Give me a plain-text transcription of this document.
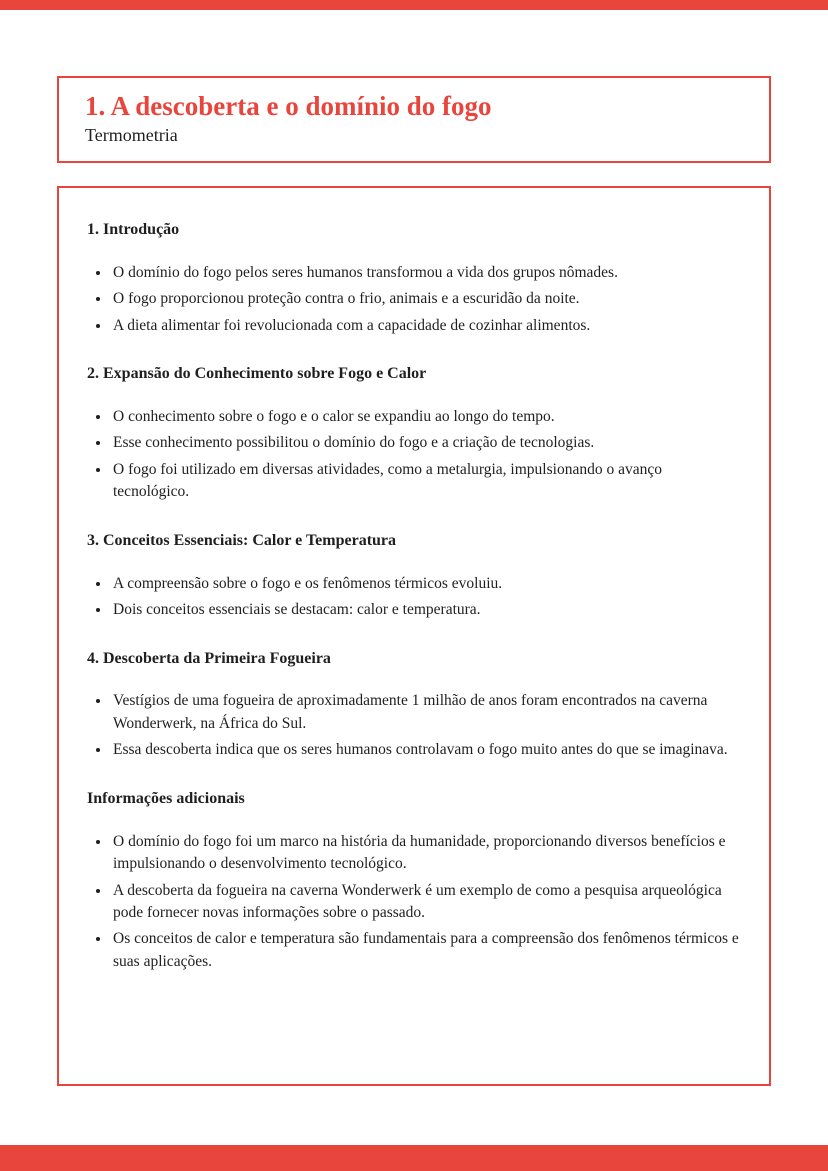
1. A descoberta e o domínio do fogo
Termometria
1. Introdução
• O domínio do fogo pelos seres humanos transformou a vida dos grupos nômades.
• O fogo proporcionou proteção contra o frio, animais e a escuridão da noite.
• A dieta alimentar foi revolucionada com a capacidade de cozinhar alimentos.
2. Expansão do Conhecimento sobre Fogo e Calor
• O conhecimento sobre o fogo e o calor se expandiu ao longo do tempo.
• Esse conhecimento possibilitou o domínio do fogo e a criação de tecnologias.
• O fogo foi utilizado em diversas atividades, como a metalurgia, impulsionando o avanço tecnológico.
3. Conceitos Essenciais: Calor e Temperatura
• A compreensão sobre o fogo e os fenômenos térmicos evoluiu.
• Dois conceitos essenciais se destacam: calor e temperatura.
4. Descoberta da Primeira Fogueira
• Vestígios de uma fogueira de aproximadamente 1 milhão de anos foram encontrados na caverna Wonderwerk, na África do Sul.
• Essa descoberta indica que os seres humanos controlavam o fogo muito antes do que se imaginava.
Informações adicionais
• O domínio do fogo foi um marco na história da humanidade, proporcionando diversos benefícios e impulsionando o desenvolvimento tecnológico.
• A descoberta da fogueira na caverna Wonderwerk é um exemplo de como a pesquisa arqueológica pode fornecer novas informações sobre o passado.
• Os conceitos de calor e temperatura são fundamentais para a compreensão dos fenômenos térmicos e suas aplicações.
